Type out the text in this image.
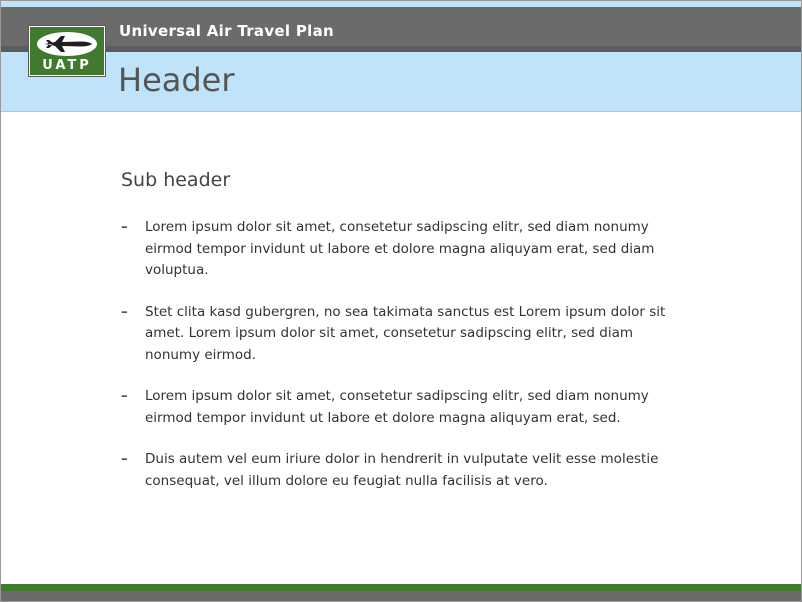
Universal Air Travel Plan
Header
UATP
Sub header
– Lorem ipsum dolor sit amet, consetetur sadipscing elitr, sed diam nonumy eirmod tempor invidunt ut labore et dolore magna aliquyam erat, sed diam voluptua.
– Stet clita kasd gubergren, no sea takimata sanctus est Lorem ipsum dolor sit amet. Lorem ipsum dolor sit amet, consetetur sadipscing elitr, sed diam nonumy eirmod.
– Lorem ipsum dolor sit amet, consetetur sadipscing elitr, sed diam nonumy eirmod tempor invidunt ut labore et dolore magna aliquyam erat, sed.
– Duis autem vel eum iriure dolor in hendrerit in vulputate velit esse molestie consequat, vel illum dolore eu feugiat nulla facilisis at vero.
